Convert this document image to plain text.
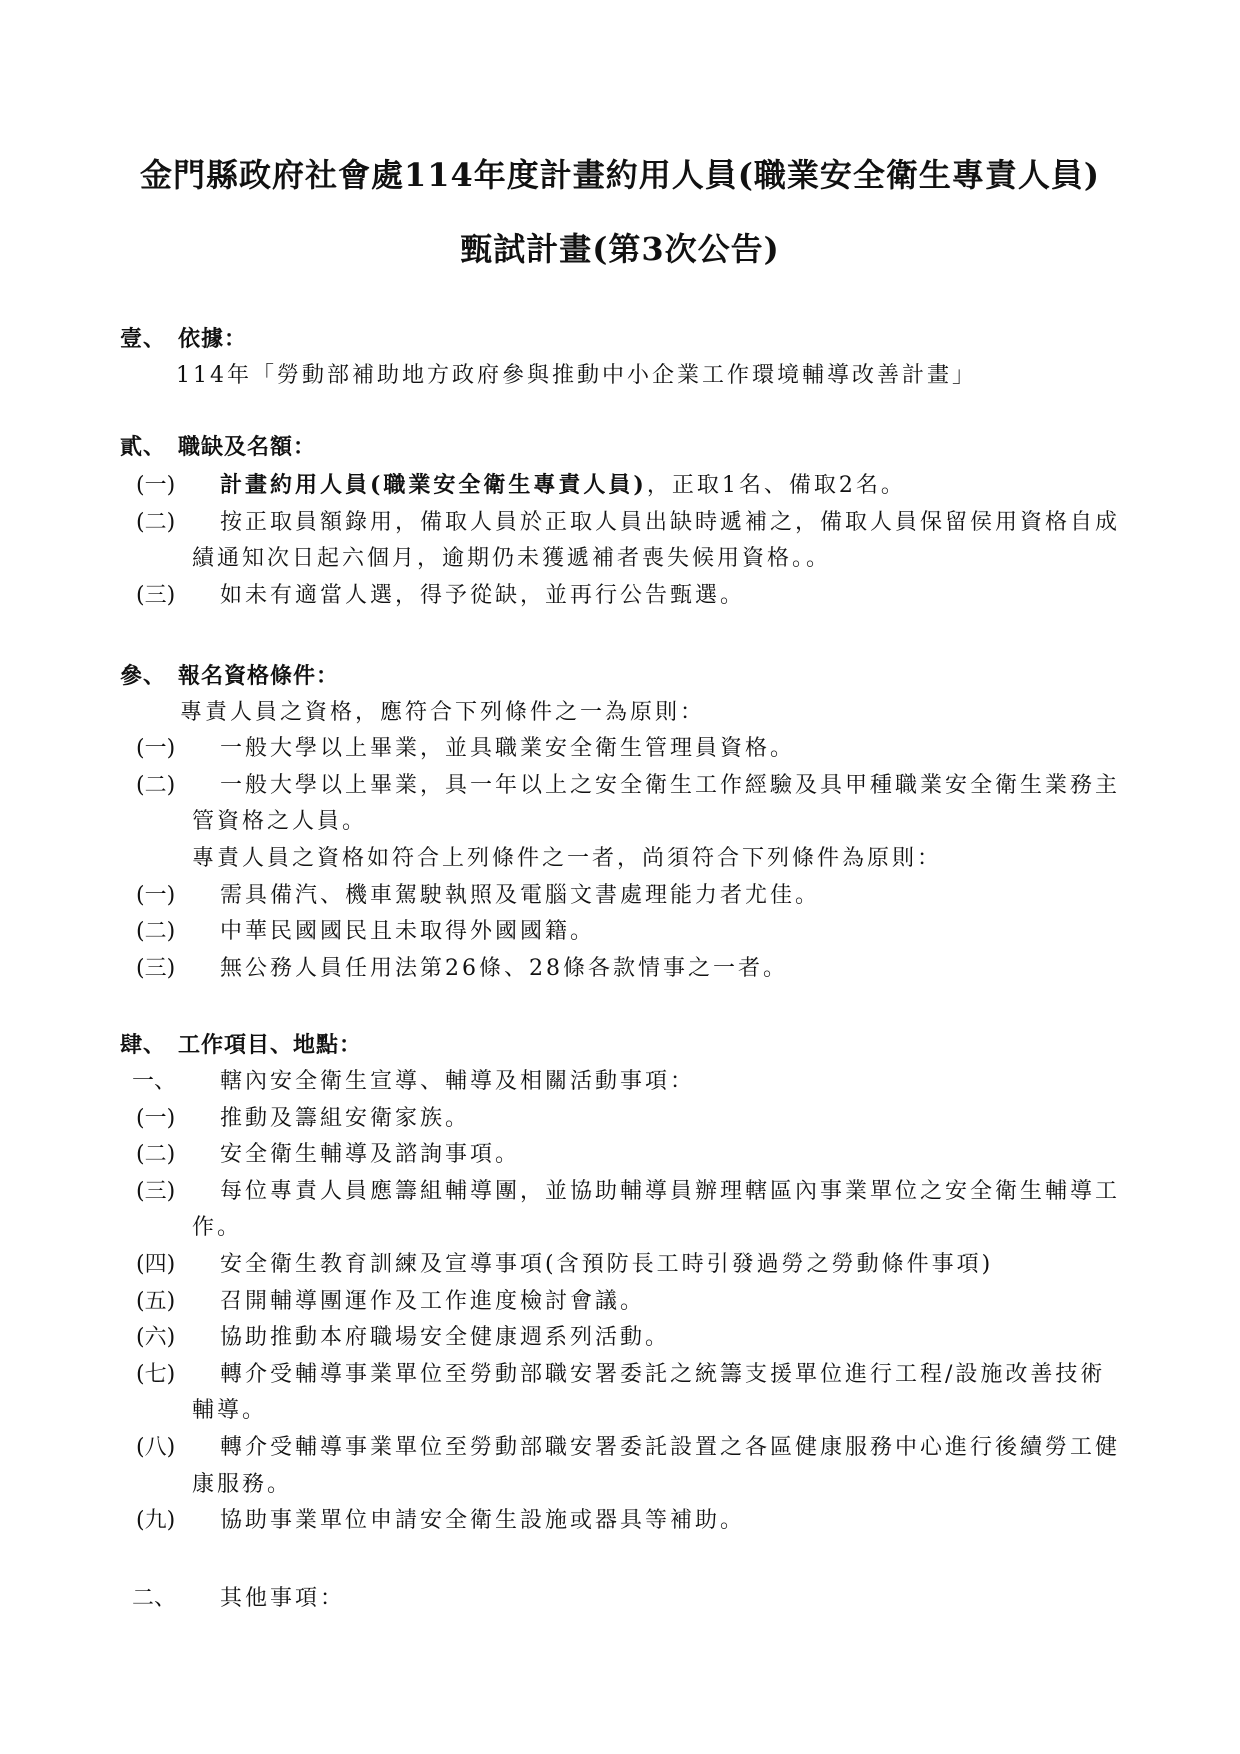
金門縣政府社會處114年度計畫約用人員(職業安全衛生專責人員)
甄試計畫(第3次公告)
壹、 依據：
114年「勞動部補助地方政府參與推動中小企業工作環境輔導改善計畫」
貳、 職缺及名額：
(一) 計畫約用人員(職業安全衛生專責人員)，正取1名、備取2名。
(二) 按正取員額錄用，備取人員於正取人員出缺時遞補之，備取人員保留侯用資格自成
績通知次日起六個月，逾期仍未獲遞補者喪失候用資格。。
(三) 如未有適當人選，得予從缺，並再行公告甄選。
參、 報名資格條件：
專責人員之資格，應符合下列條件之一為原則：
(一) 一般大學以上畢業，並具職業安全衛生管理員資格。
(二) 一般大學以上畢業，具一年以上之安全衛生工作經驗及具甲種職業安全衛生業務主
管資格之人員。
專責人員之資格如符合上列條件之一者，尚須符合下列條件為原則：
(一) 需具備汽、機車駕駛執照及電腦文書處理能力者尤佳。
(二) 中華民國國民且未取得外國國籍。
(三) 無公務人員任用法第26條、28條各款情事之一者。
肆、 工作項目、地點：
一、 轄內安全衛生宣導、輔導及相關活動事項：
(一) 推動及籌組安衛家族。
(二) 安全衛生輔導及諮詢事項。
(三) 每位專責人員應籌組輔導團，並協助輔導員辦理轄區內事業單位之安全衛生輔導工
作。
(四) 安全衛生教育訓練及宣導事項(含預防長工時引發過勞之勞動條件事項)
(五) 召開輔導團運作及工作進度檢討會議。
(六) 協助推動本府職場安全健康週系列活動。
(七) 轉介受輔導事業單位至勞動部職安署委託之統籌支援單位進行工程/設施改善技術
輔導。
(八) 轉介受輔導事業單位至勞動部職安署委託設置之各區健康服務中心進行後續勞工健
康服務。
(九) 協助事業單位申請安全衛生設施或器具等補助。
二、 其他事項：
